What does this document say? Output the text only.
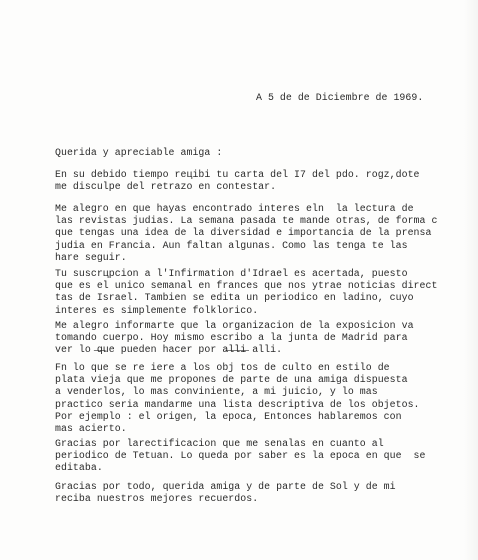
A 5 de de Diciembre de 1969.
Querida y apreciable amiga :
En su debido tiempo reцibi tu carta del I7 del pdo. rogz,dote
me disculpe del retrazo en contestar.
Me alegro en que hayas encontrado interes eln  la lectura de
las revistas judias. La semana pasada te mande otras, de forma c
que tengas una idea de la diversidad e importancia de la prensa
judia en Francia. Aun faltan algunas. Como las tenga te las
hare seguir.
Tu suscrцpcion a l'Infirmation d'Idrael es acertada, puesto
que es el unico semanal en frances que nos ytrae noticias direct
tas de Israel. Tambien se edita un periodico en ladino, cuyo
interes es simplemente folklorico.
Me alegro informarte que la organizacion de la exposicion va
tomando cuerpo. Hoy mismo escribo a la junta de Madrid para
ver lo ̶q̶ue pueden hacer por a̶l̶l̶i̶ alli.
Fn lo que se re iere a los obj tos de culto en estilo de
plata vieja que me propones de parte de una amiga dispuesta
a venderlos, lo mas conviniente, a mi juicio, y lo mas
practico seria mandarme una lista descriptiva de los objetos.
Por ejemplo : el origen, la epoca, Entonces hablaremos con
mas acierto.
Gracias por larectificacion que me senalas en cuanto al
periodico de Tetuan. Lo queda por saber es la epoca en que  se
editaba.
Gracias por todo, querida amiga y de parte de Sol y de mi
reciba nuestros mejores recuerdos.
